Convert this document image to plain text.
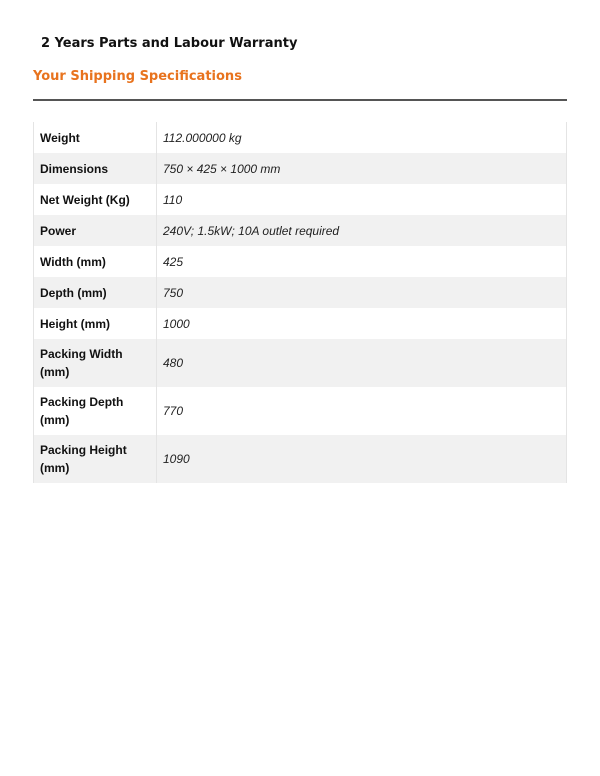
2 Years Parts and Labour Warranty

Your Shipping Specifications
Weight	112.000000 kg
Dimensions	750 × 425 × 1000 mm
Net Weight (Kg)	110
Power	240V; 1.5kW; 10A outlet required
Width (mm)	425
Depth (mm)	750
Height (mm)	1000
Packing Width (mm)	480
Packing Depth (mm)	770
Packing Height (mm)	1090
